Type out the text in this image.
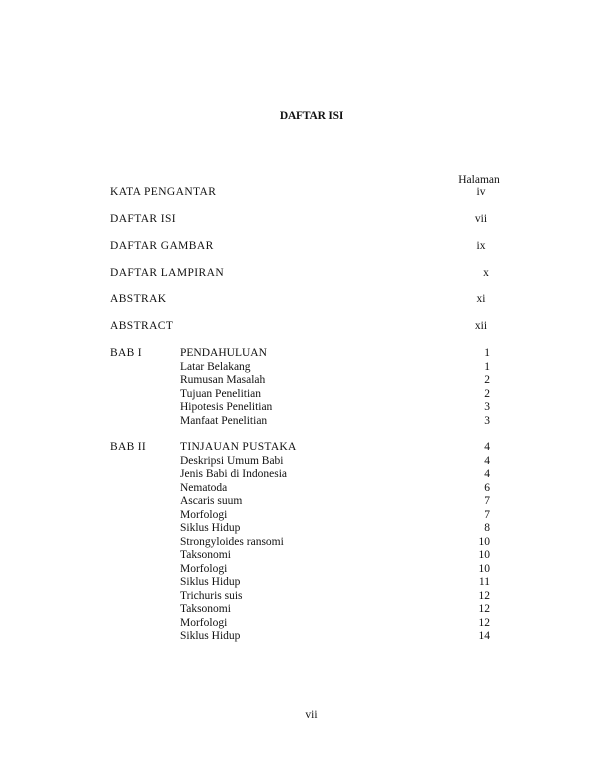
DAFTAR ISI
Halaman
KATA PENGANTAR	iv
DAFTAR ISI	vii
DAFTAR GAMBAR	ix
DAFTAR LAMPIRAN	x
ABSTRAK	xi
ABSTRACT	xii
BAB I	PENDAHULUAN	1
Latar Belakang	1
Rumusan Masalah	2
Tujuan Penelitian	2
Hipotesis Penelitian	3
Manfaat Penelitian	3
BAB II	TINJAUAN PUSTAKA	4
Deskripsi Umum Babi	4
Jenis Babi di Indonesia	4
Nematoda	6
Ascaris suum	7
Morfologi	7
Siklus Hidup	8
Strongyloides ransomi	10
Taksonomi	10
Morfologi	10
Siklus Hidup	11
Trichuris suis	12
Taksonomi	12
Morfologi	12
Siklus Hidup	14
vii
